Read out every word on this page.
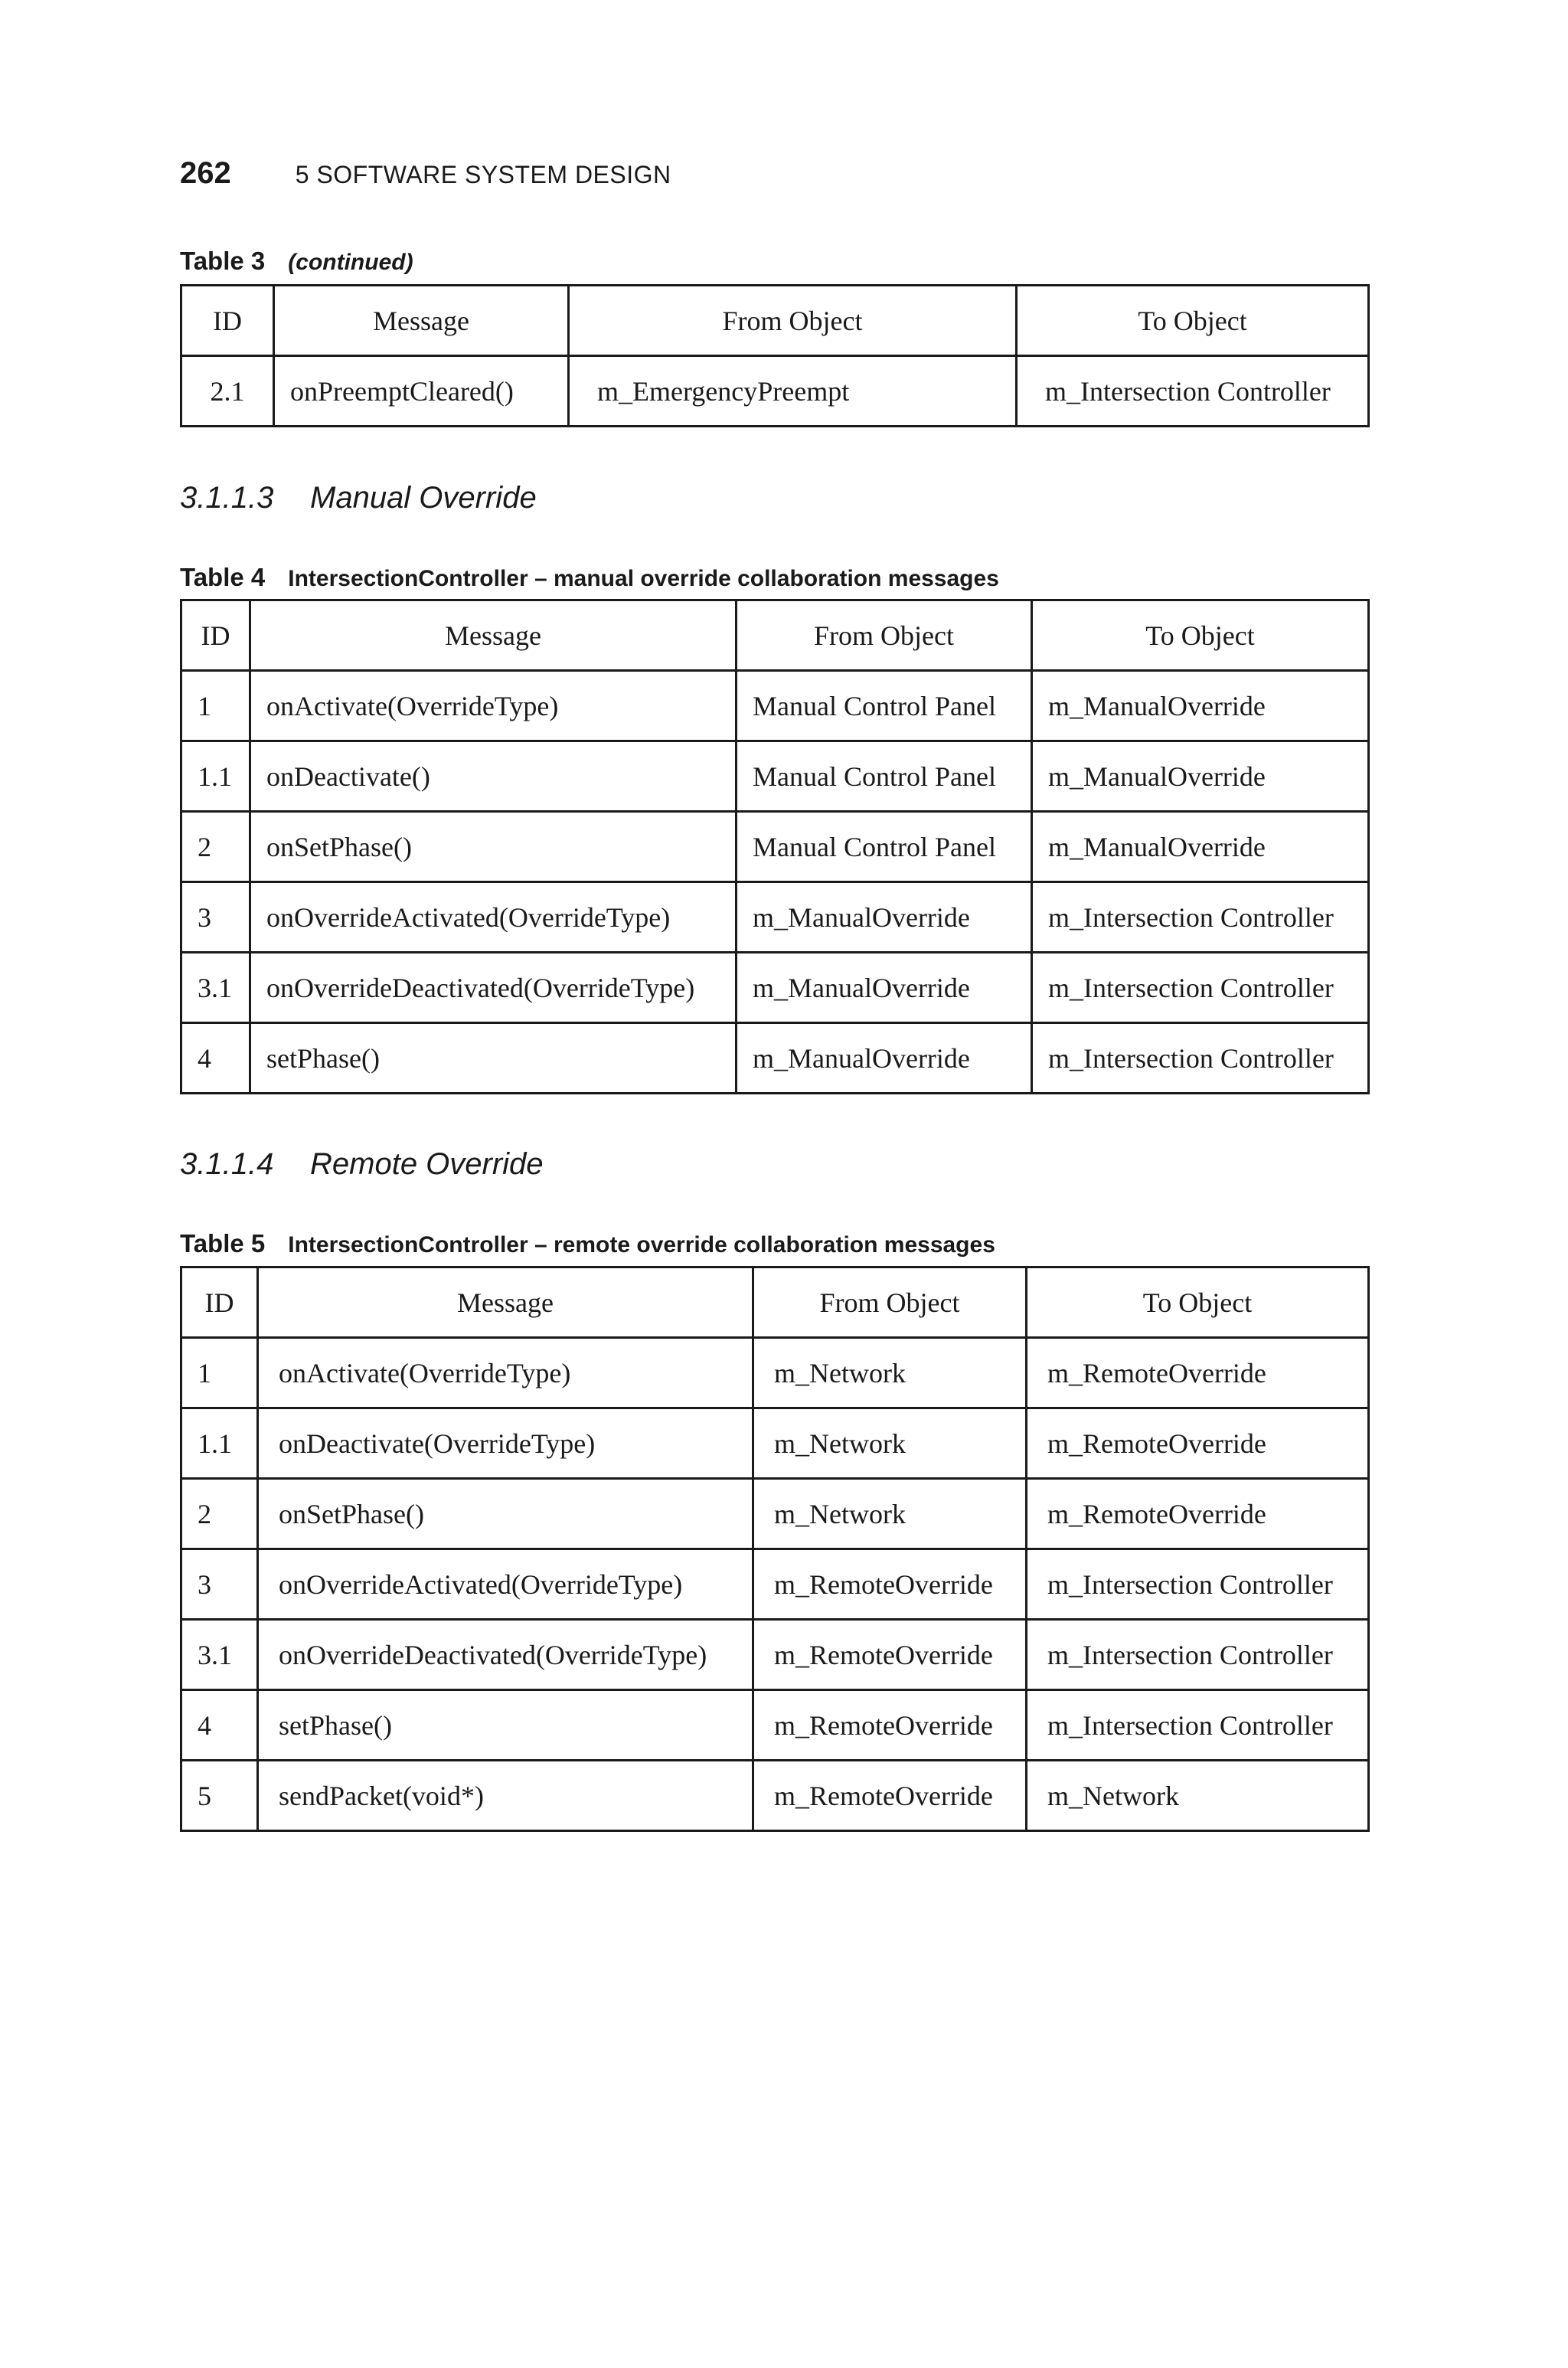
262	5 SOFTWARE SYSTEM DESIGN
Table 3 (continued)
ID	Message	From Object	To Object
2.1	onPreemptCleared()	m_EmergencyPreempt	m_Intersection Controller
3.1.1.3 Manual Override
Table 4 IntersectionController – manual override collaboration messages
ID	Message	From Object	To Object
1	onActivate(OverrideType)	Manual Control Panel	m_ManualOverride
1.1	onDeactivate()	Manual Control Panel	m_ManualOverride
2	onSetPhase()	Manual Control Panel	m_ManualOverride
3	onOverrideActivated(OverrideType)	m_ManualOverride	m_Intersection Controller
3.1	onOverrideDeactivated(OverrideType)	m_ManualOverride	m_Intersection Controller
4	setPhase()	m_ManualOverride	m_Intersection Controller
3.1.1.4 Remote Override
Table 5 IntersectionController – remote override collaboration messages
ID	Message	From Object	To Object
1	onActivate(OverrideType)	m_Network	m_RemoteOverride
1.1	onDeactivate(OverrideType)	m_Network	m_RemoteOverride
2	onSetPhase()	m_Network	m_RemoteOverride
3	onOverrideActivated(OverrideType)	m_RemoteOverride	m_Intersection Controller
3.1	onOverrideDeactivated(OverrideType)	m_RemoteOverride	m_Intersection Controller
4	setPhase()	m_RemoteOverride	m_Intersection Controller
5	sendPacket(void*)	m_RemoteOverride	m_Network
